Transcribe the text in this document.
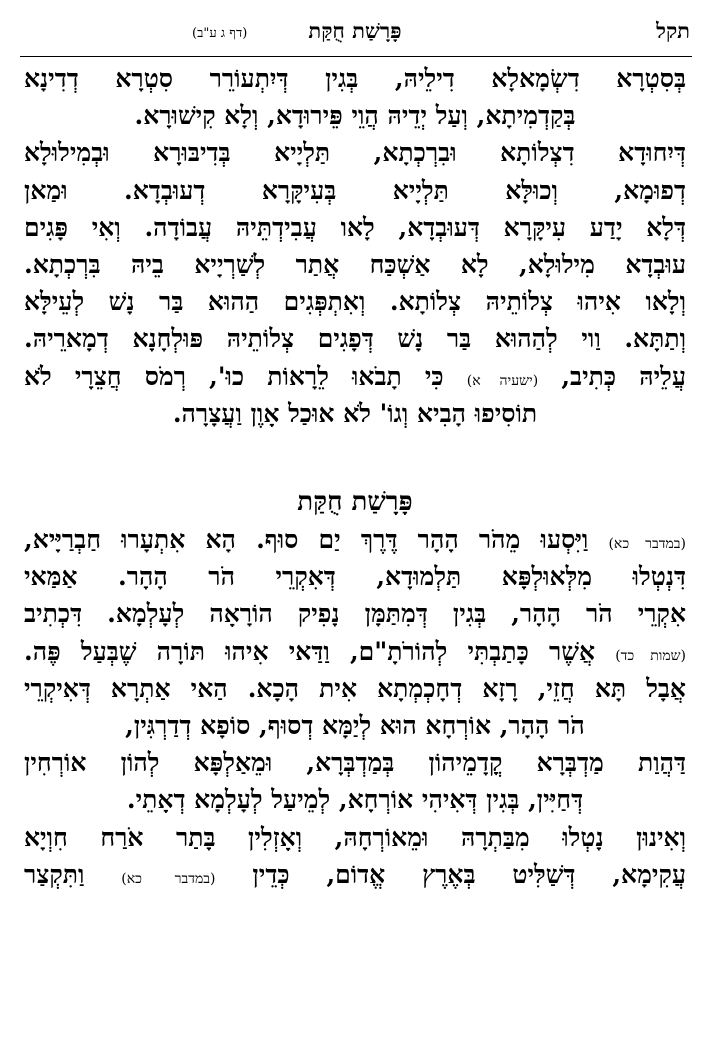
תקל
פָּרָשַׁת חֻקַּת
(דף ג ע"ב)
בְּסִטְרָא דִשְׂמָאלָא דִילֵיהּ, בְּגִין דְּיִתְעוֹרֵר סִטְרָא דְדִינָא
בְּקַדְמִיתָא, וְעַל יְדֵיהּ הֲוֵי פֵּירוּדָא, וְלָא קִישׁוּרָא.
דְּיִחוּדָא דִצְלוֹתָא וּבִרְכְתָא, תַּלְיָיא בְּדִיבּוּרָא וּבְמִילוּלָא
דְפוּמָא, וְכוּלָּא תַּלְיָיא בְּעִיקָּרָא דְעוּבְדָא. וּמַאן
דְּלָא יָדַע עִיקָּרָא דְּעוּבְדָא, לָאו עֲבִידְתֵּיהּ עֲבוֹדָה. וְאִי פָּגִים
עוּבְדָא מִילוּלָא, לָא אַשְׁכַּח אֲתַר לְשַׁרְיָיא בֵיהּ בִּרְכְתָא.
וְלָאו אִיהוּ צְלוֹתֵיהּ צְלוֹתָא. וְאִתְפְּגִים הַהוּא בַּר נָשׁ לְעֵילָּא
וְתַתָּא. וַוי לְהַהוּא בַּר נָשׁ דְּפָגִים צְלוֹתֵיהּ פּוּלְחָנָא דְמָארֵיהּ.
עֲלֵיהּ כְּתִיב, (ישעיה א) כִּי תָבֹאוּ לֵרָאוֹת כוּ', רְמֹס חֲצֵרָי לֹא
תוֹסִיפוּ הָבִיא וְגוֹ' לֹא אוּכַל אָוֶן וַעֲצָרָה.
פָּרָשַׁת חֻקַּת
(במדבר כא) וַיִּסְעוּ מֵהֹר הָהָר דֶּרֶךְ יַם סוּף. הָא אִתְעָרוּ חַבְרַיָּיא,
דִּנְטְלוּ מִלְּאוּלְפָּא תַּלְמוּדָא, דְּאִקְרֵי הֹר הָהָר. אַמַּאי
אִקְרֵי הֹר הָהָר, בְּגִין דְּמִתַּמָּן נָפִיק הוֹרָאָה לְעָלְמָא. דִּכְתִיב
(שמות כד) אֲשֶׁר כָּתַבְתִּי לְהוֹרֹתָ"ם, וַדַּאי אִיהוּ תּוֹרָה שֶׁבְּעַל פֶּה.
אֲבָל תָּא חֲזֵי, רָזָא דְחָכְמְתָא אִית הָכָא. הַאי אַתְרָא דְּאִיקְרֵי
הֹר הָהָר, אוֹרְחָא הוּא לְיַמָּא דְסוּף, סוֹפָא דְדַרְגִּין,
דַּהֲוַת מַדְבְּרָא קֳדָמֵיהוֹן בְּמַדְבְּרָא, וּמֵאַלְפָּא לְהוֹן אוֹרְחִין
דְּחַיִּין, בְּגִין דְּאִיהִי אוֹרְחָא, לְמֵיעַל לְעָלְמָא דְאָתֵי.
וְאִינוּן נָטְלוּ מִבַּתְרָהּ וּמֵאוֹרְחָהּ, וְאָזְלִין בָּתַר אֹרַח חִוְיָא
עֲקִימָא, דְּשַׁלִּיט בְּאֶרֶץ אֱדוֹם, כְּדֵין (במדבר כא) וַתִּקְצַר
